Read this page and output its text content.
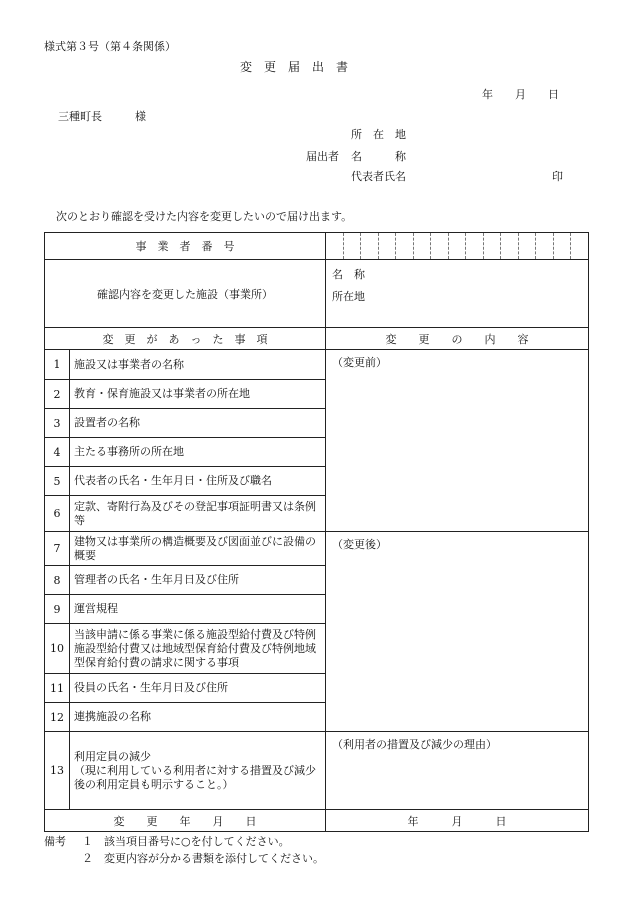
様式第３号（第４条関係）
変　更　届　出　書
年　　月　　日
三種町長　　　様
所　在　地
届出者 名　　　称
代表者氏名	印
次のとおり確認を受けた内容を変更したいので届け出ます。
事　業　者　番　号		

確認内容を変更した施設（事業所）		名　称
所在地

変　更　が　あ　っ　た　事　項		変　　更　　の　　内　　容
1	施設又は事業者の名称	（変更前）
2	教育・保育施設又は事業者の所在地	
3	設置者の名称	
4	主たる事務所の所在地	
5	代表者の氏名・生年月日・住所及び職名	
6	定款、寄附行為及びその登記事項証明書又は条例等	
7	建物又は事業所の構造概要及び図面並びに設備の概要	（変更後）
8	管理者の氏名・生年月日及び住所	
9	運営規程	
10	当該申請に係る事業に係る施設型給付費及び特例施設型給付費又は地域型保育給付費及び特例地域型保育給付費の請求に関する事項	
11	役員の氏名・生年月日及び住所	
12	連携施設の名称	
13	利用定員の減少
（現に利用している利用者に対する措置及び減少後の利用定員も明示すること。）	（利用者の措置及び減少の理由）
変　　更　　年　　月　　日		年　　　月　　　日
備考 １ 該当項目番号に○を付してください。
２ 変更内容が分かる書類を添付してください。
